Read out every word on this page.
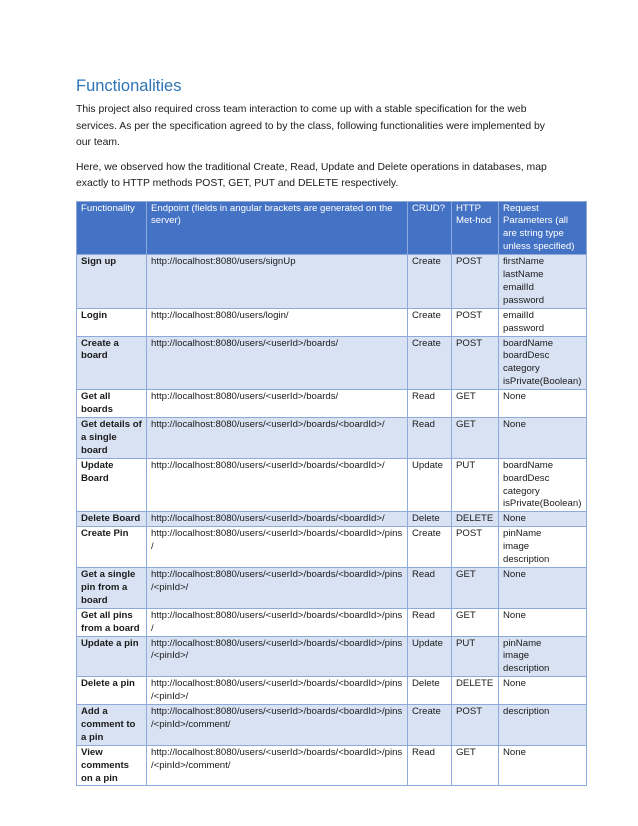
Functionalities

This project also required cross team interaction to come up with a stable specification for the web services. As per the specification agreed to by the class, following functionalities were implemented by our team.

Here, we observed how the traditional Create, Read, Update and Delete operations in databases, map exactly to HTTP methods POST, GET, PUT and DELETE respectively.

Functionality	Endpoint (fields in angular brackets are generated on the server)	CRUD?	HTTP Met-hod	Request Parameters (all are string type unless specified)
Sign up	http://localhost:8080/users/signUp	Create	POST	firstName
lastName
emailId
password

Login	http://localhost:8080/users/login/	Create	POST	emailId
password

Create a board	http://localhost:8080/users/<userId>/boards/	Create	POST	boardName
boardDesc
category
isPrivate(Boolean)

Get all boards	http://localhost:8080/users/<userId>/boards/	Read	GET	None

Get details of a single board	http://localhost:8080/users/<userId>/boards/<boardId>/	Read	GET	None

Update Board	http://localhost:8080/users/<userId>/boards/<boardId>/	Update	PUT	boardName
boardDesc
category
isPrivate(Boolean)

Delete Board	http://localhost:8080/users/<userId>/boards/<boardId>/	Delete	DELETE	None

Create Pin	http://localhost:8080/users/<userId>/boards/<boardId>/pins/	Create	POST	pinName
image
description

Get a single pin from a board	http://localhost:8080/users/<userId>/boards/<boardId>/pins/<pinId>/	Read	GET	None

Get all pins from a board	http://localhost:8080/users/<userId>/boards/<boardId>/pins/	Read	GET	None

Update a pin	http://localhost:8080/users/<userId>/boards/<boardId>/pins/<pinId>/	Update	PUT	pinName
image
description

Delete a pin	http://localhost:8080/users/<userId>/boards/<boardId>/pins/<pinId>/	Delete	DELETE	None

Add a comment to a pin	http://localhost:8080/users/<userId>/boards/<boardId>/pins/<pinId>/comment/	Create	POST	description

View comments on a pin	http://localhost:8080/users/<userId>/boards/<boardId>/pins/<pinId>/comment/	Read	GET	None
